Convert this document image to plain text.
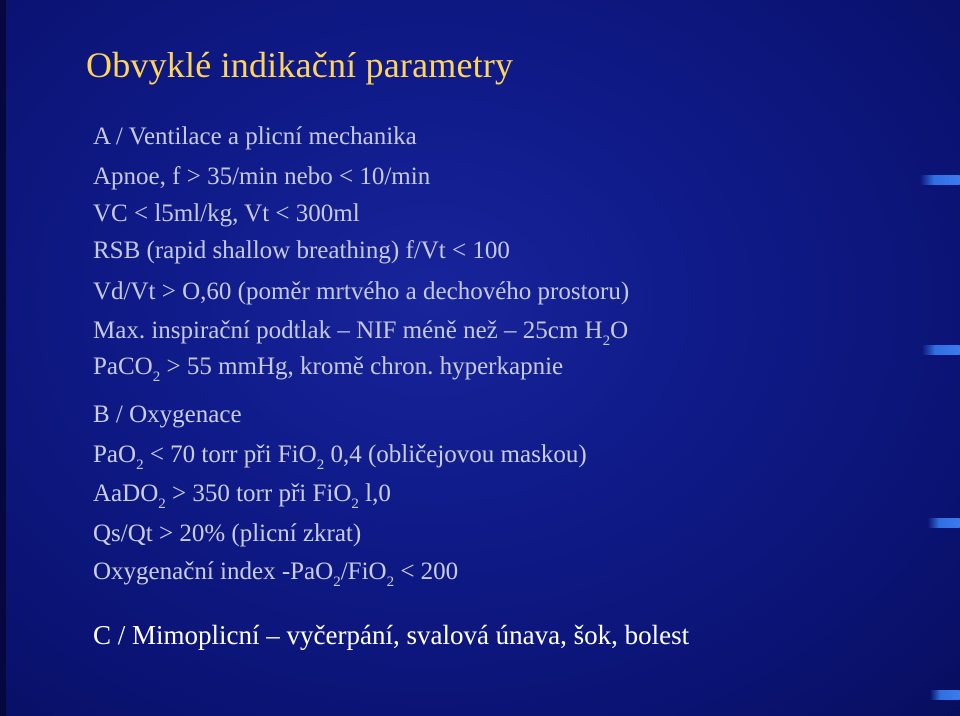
Obvyklé indikační parametry

A / Ventilace a plicní mechanika

Apnoe, f > 35/min nebo < 10/min

VC < l5ml/kg, Vt < 300ml

RSB (rapid shallow breathing) f/Vt < 100

Vd/Vt > O,60 (poměr mrtvého a dechového prostoru)

Max. inspirační podtlak – NIF méně než – 25cm $H_2O$

PaCO$_2$ > 55 mmHg, kromě chron. hyperkapnie

B / Oxygenace

PaO$_2$ < 70 torr při FiO$_2$ 0,4 (obličejovou maskou)

AaDO$_2$ > 350 torr při FiO$_2$ l,0

Qs/Qt > 20% (plicní zkrat)

Oxygenační index -PaO$_2$/FiO$_2$ < 200

C / Mimoplicní – vyčerpání, svalová únava, šok, bolest
